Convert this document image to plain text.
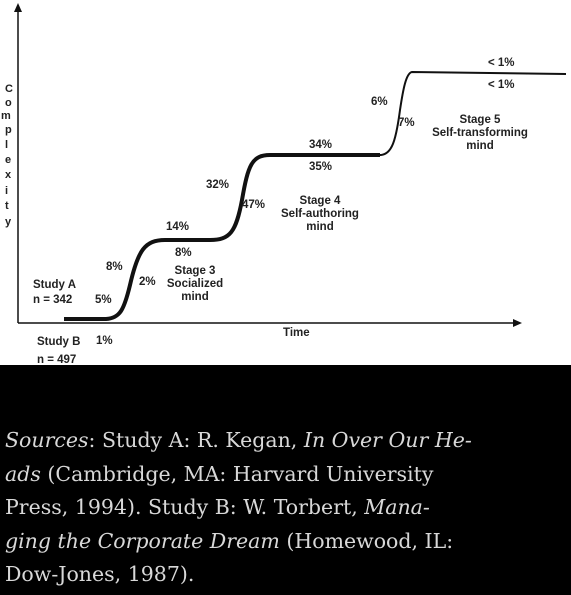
C
o
m
p
l
e
x
i
t
y
Time
Study A
n = 342
Study B
n = 497
5%
1%
8%
2%
14%
8%
32%
47%
34%
35%
6%
7%
< 1%
< 1%
Stage 3
Socialized
mind
Stage 4
Self-authoring
mind
Stage 5
Self-transforming
mind
Sources: Study A: R. Kegan, In Over Our He-
ads (Cambridge, MA: Harvard University
Press, 1994). Study B: W. Torbert, Mana-
ging the Corporate Dream (Homewood, IL:
Dow-Jones, 1987).
